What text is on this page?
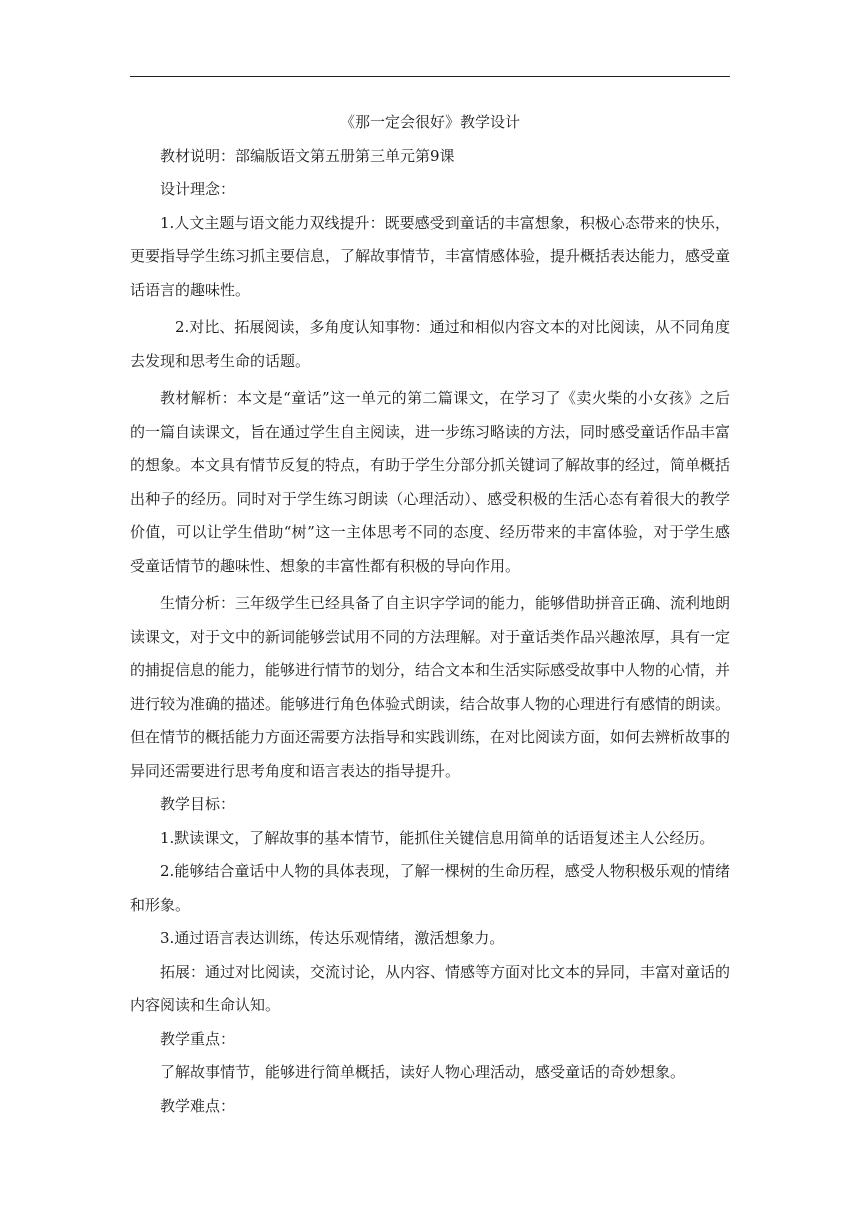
《那一定会很好》教学设计

教材说明：部编版语文第五册第三单元第9课

设计理念：

1.人文主题与语文能力双线提升：既要感受到童话的丰富想象，积极心态带来的快乐，更要指导学生练习抓主要信息，了解故事情节，丰富情感体验，提升概括表达能力，感受童话语言的趣味性。

2.对比、拓展阅读，多角度认知事物：通过和相似内容文本的对比阅读，从不同角度去发现和思考生命的话题。

教材解析：本文是“童话”这一单元的第二篇课文，在学习了《卖火柴的小女孩》之后的一篇自读课文，旨在通过学生自主阅读，进一步练习略读的方法，同时感受童话作品丰富的想象。本文具有情节反复的特点，有助于学生分部分抓关键词了解故事的经过，简单概括出种子的经历。同时对于学生练习朗读（心理活动）、感受积极的生活心态有着很大的教学价值，可以让学生借助“树”这一主体思考不同的态度、经历带来的丰富体验，对于学生感受童话情节的趣味性、想象的丰富性都有积极的导向作用。

生情分析：三年级学生已经具备了自主识字学词的能力，能够借助拼音正确、流利地朗读课文，对于文中的新词能够尝试用不同的方法理解。对于童话类作品兴趣浓厚，具有一定的捕捉信息的能力，能够进行情节的划分，结合文本和生活实际感受故事中人物的心情，并进行较为准确的描述。能够进行角色体验式朗读，结合故事人物的心理进行有感情的朗读。但在情节的概括能力方面还需要方法指导和实践训练，在对比阅读方面，如何去辨析故事的异同还需要进行思考角度和语言表达的指导提升。

教学目标：

1.默读课文，了解故事的基本情节，能抓住关键信息用简单的话语复述主人公经历。

2.能够结合童话中人物的具体表现，了解一棵树的生命历程，感受人物积极乐观的情绪和形象。

3.通过语言表达训练，传达乐观情绪，激活想象力。

拓展：通过对比阅读，交流讨论，从内容、情感等方面对比文本的异同，丰富对童话的内容阅读和生命认知。

教学重点：

了解故事情节，能够进行简单概括，读好人物心理活动，感受童话的奇妙想象。

教学难点：
